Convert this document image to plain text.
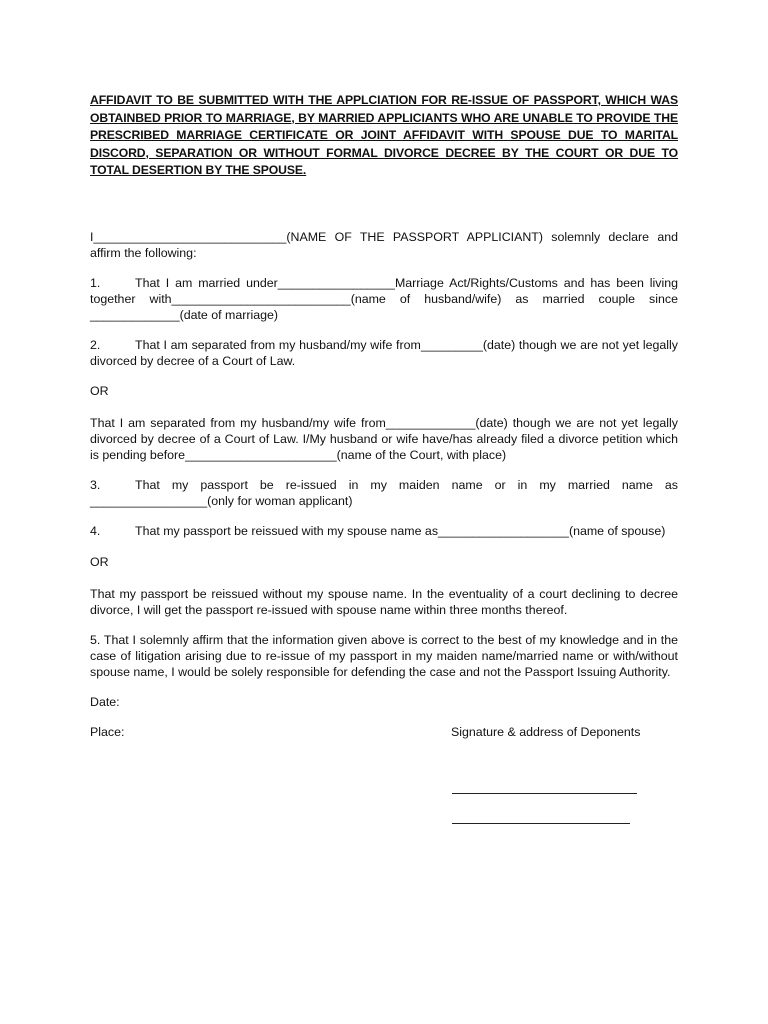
AFFIDAVIT TO BE SUBMITTED WITH THE APPLCIATION FOR RE-ISSUE OF PASSPORT, WHICH WAS OBTAINBED PRIOR TO MARRIAGE, BY MARRIED APPLICIANTS WHO ARE UNABLE TO PROVIDE THE PRESCRIBED MARRIAGE CERTIFICATE OR JOINT AFFIDAVIT WITH SPOUSE DUE TO MARITAL DISCORD, SEPARATION OR WITHOUT FORMAL DIVORCE DECREE BY THE COURT OR DUE TO TOTAL DESERTION BY THE SPOUSE.

I____________________________(NAME OF THE PASSPORT APPLICIANT) solemnly declare and affirm the following:

1.	That I am married under_________________Marriage Act/Rights/Customs and has been living together with__________________________(name of husband/wife) as married couple since _____________(date of marriage)

2.	That I am separated from my husband/my wife from_________(date) though we are not yet legally divorced by decree of a Court of Law.

OR

That I am separated from my husband/my wife from_____________(date) though we are not yet legally divorced by decree of a Court of Law. I/My husband or wife have/has already filed a divorce petition which is pending before______________________(name of the Court, with place)

3.	That my passport be re-issued in my maiden name or in my married name as _________________(only for woman applicant)

4.	That my passport be reissued with my spouse name as___________________(name of spouse)

OR

That my passport be reissued without my spouse name. In the eventuality of a court declining to decree divorce, I will get the passport re-issued with spouse name within three months thereof.

5. That I solemnly affirm that the information given above is correct to the best of my knowledge and in the case of litigation arising due to re-issue of my passport in my maiden name/married name or with/without spouse name, I would be solely responsible for defending the case and not the Passport Issuing Authority.

Date:

Place:	Signature & address of Deponents
